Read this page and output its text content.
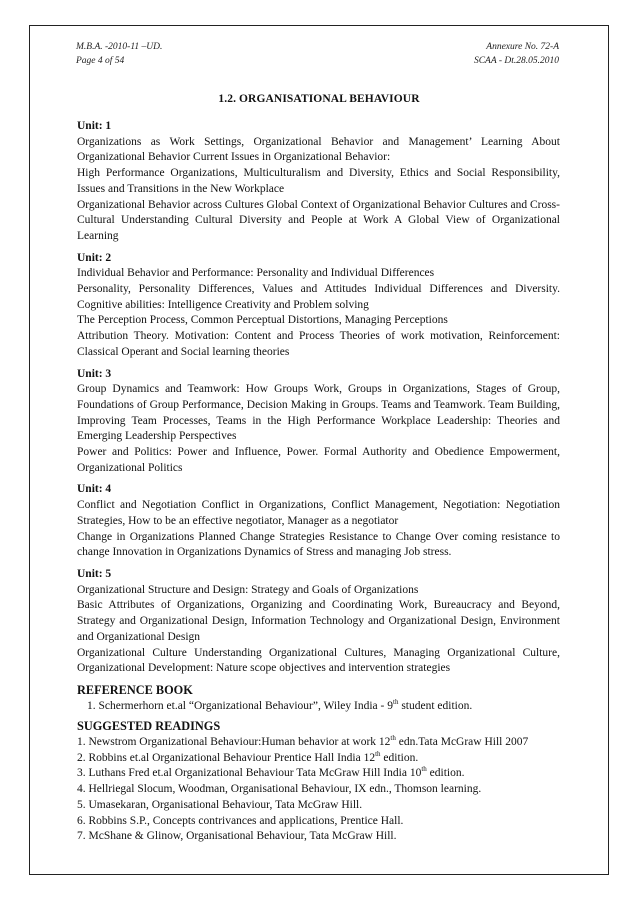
M.B.A. -2010-11 –UD.
Page 4 of 54
Annexure No. 72-A
SCAA - Dt.28.05.2010
1.2. ORGANISATIONAL BEHAVIOUR
Unit: 1
Organizations as Work Settings, Organizational Behavior and Management’ Learning About Organizational Behavior Current Issues in Organizational Behavior:
High Performance Organizations, Multiculturalism and Diversity, Ethics and Social Responsibility, Issues and Transitions in the New Workplace
Organizational Behavior across Cultures Global Context of Organizational Behavior Cultures and Cross-Cultural Understanding Cultural Diversity and People at Work A Global View of Organizational Learning
Unit: 2
Individual Behavior and Performance: Personality and Individual Differences
Personality, Personality Differences, Values and Attitudes Individual Differences and Diversity. Cognitive abilities: Intelligence Creativity and Problem solving
The Perception Process, Common Perceptual Distortions, Managing Perceptions
Attribution Theory. Motivation: Content and Process Theories of work motivation, Reinforcement: Classical Operant and Social learning theories
Unit: 3
Group Dynamics and Teamwork: How Groups Work, Groups in Organizations, Stages of Group, Foundations of Group Performance, Decision Making in Groups. Teams and Teamwork. Team Building, Improving Team Processes, Teams in the High Performance Workplace Leadership: Theories and Emerging Leadership Perspectives
Power and Politics: Power and Influence, Power. Formal Authority and Obedience Empowerment, Organizational Politics
Unit: 4
Conflict and Negotiation Conflict in Organizations, Conflict Management, Negotiation: Negotiation Strategies, How to be an effective negotiator, Manager as a negotiator
Change in Organizations Planned Change Strategies Resistance to Change Over coming resistance to change Innovation in Organizations Dynamics of Stress and managing Job stress.
Unit: 5
Organizational Structure and Design: Strategy and Goals of Organizations
Basic Attributes of Organizations, Organizing and Coordinating Work, Bureaucracy and Beyond, Strategy and Organizational Design, Information Technology and Organizational Design, Environment and Organizational Design
Organizational Culture Understanding Organizational Cultures, Managing Organizational Culture, Organizational Development: Nature scope objectives and intervention strategies
REFERENCE BOOK
1. Schermerhorn et.al “Organizational Behaviour”, Wiley India - 9th student edition.
SUGGESTED READINGS
1. Newstrom Organizational Behaviour:Human behavior at work 12th edn.Tata McGraw Hill 2007
2. Robbins et.al Organizational Behaviour Prentice Hall India 12th edition.
3. Luthans Fred et.al Organizational Behaviour Tata McGraw Hill India 10th edition.
4. Hellriegal Slocum, Woodman, Organisational Behaviour, IX edn., Thomson learning.
5. Umasekaran, Organisational Behaviour, Tata McGraw Hill.
6. Robbins S.P., Concepts contrivances and applications, Prentice Hall.
7. McShane & Glinow, Organisational Behaviour, Tata McGraw Hill.
